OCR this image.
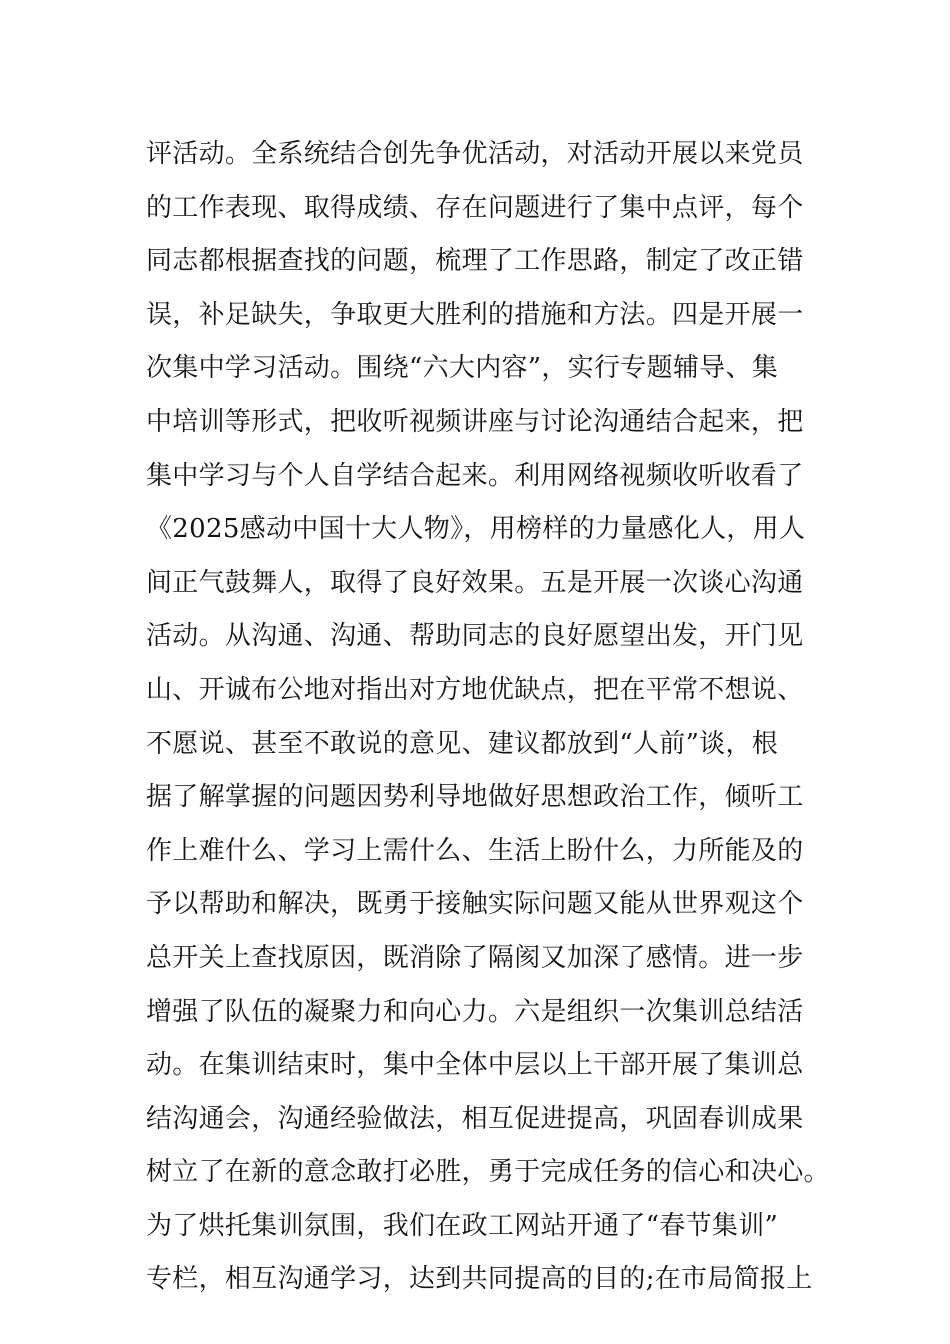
评活动。全系统结合创先争优活动，对活动开展以来党员
的工作表现、取得成绩、存在问题进行了集中点评，每个
同志都根据查找的问题，梳理了工作思路，制定了改正错
误，补足缺失，争取更大胜利的措施和方法。四是开展一
次集中学习活动。围绕“六大内容”，实行专题辅导、集
中培训等形式，把收听视频讲座与讨论沟通结合起来，把
集中学习与个人自学结合起来。利用网络视频收听收看了
《2025感动中国十大人物》，用榜样的力量感化人，用人
间正气鼓舞人，取得了良好效果。五是开展一次谈心沟通
活动。从沟通、沟通、帮助同志的良好愿望出发，开门见
山、开诚布公地对指出对方地优缺点，把在平常不想说、
不愿说、甚至不敢说的意见、建议都放到“人前”谈，根
据了解掌握的问题因势利导地做好思想政治工作，倾听工
作上难什么、学习上需什么、生活上盼什么，力所能及的
予以帮助和解决，既勇于接触实际问题又能从世界观这个
总开关上查找原因，既消除了隔阂又加深了感情。进一步
增强了队伍的凝聚力和向心力。六是组织一次集训总结活
动。在集训结束时，集中全体中层以上干部开展了集训总
结沟通会，沟通经验做法，相互促进提高，巩固春训成果
树立了在新的意念敢打必胜，勇于完成任务的信心和决心。
为了烘托集训氛围，我们在政工网站开通了“春节集训”
专栏，相互沟通学习，达到共同提高的目的;在市局简报上
